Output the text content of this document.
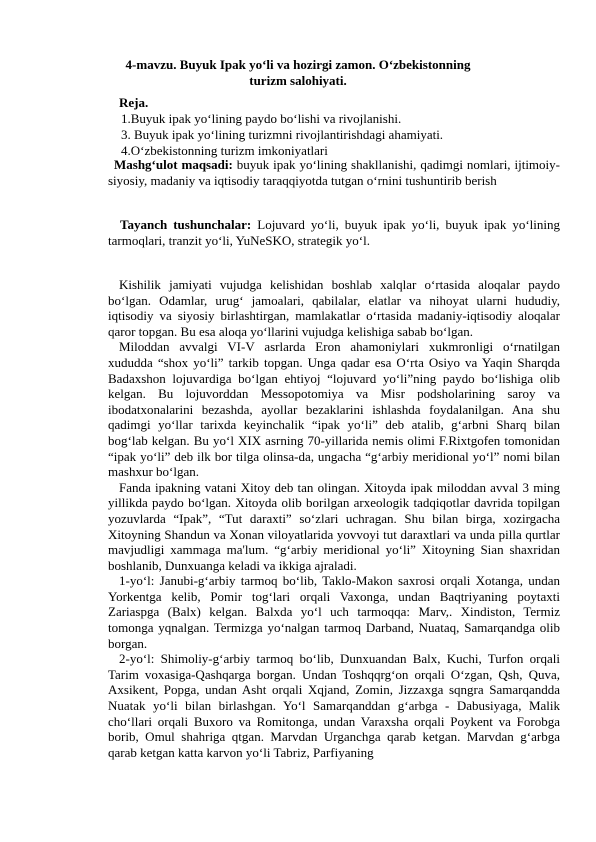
4-mavzu. Buyuk Ipak yo‘li va hozirgi zamon. O‘zbekistonning turizm salohiyati.
Reja.
1.Buyuk ipak yo‘lining paydo bo‘lishi va rivojlanishi.
3. Buyuk ipak yo‘lining turizmni rivojlantirishdagi ahamiyati.
4.O‘zbekistonning turizm imkoniyatlari
Mashg‘ulot maqsadi: buyuk ipak yo‘lining shakllanishi, qadimgi nomlari, ijtimoiy-siyosiy, madaniy va iqtisodiy taraqqiyotda tutgan o‘rnini tushuntirib berish
Tayanch tushunchalar: Lojuvard yo‘li, buyuk ipak yo‘li, buyuk ipak yo‘lining tarmoqlari, tranzit yo‘li, YuNeSKO, strategik yo‘l.

Kishilik jamiyati vujudga kelishidan boshlab xalqlar o‘rtasida aloqalar paydo bo‘lgan. Odamlar, urug‘ jamoalari, qabilalar, elatlar va nihoyat ularni hududiy, iqtisodiy va siyosiy birlashtirgan, mamlakatlar o‘rtasida madaniy-iqtisodiy aloqalar qaror topgan. Bu esa aloqa yo‘llarini vujudga kelishiga sabab bo‘lgan.

Miloddan avvalgi VI-V asrlarda Eron ahamoniylari xukmronligi o‘rnatilgan xududda “shox yo‘li” tarkib topgan. Unga qadar esa O‘rta Osiyo va Yaqin Sharqda Badaxshon lojuvardiga bo‘lgan ehtiyoj “lojuvard yo‘li”ning paydo bo‘lishiga olib kelgan. Bu lojuvorddan Messopotomiya va Misr podsholarining saroy va ibodatxonalarini bezashda, ayollar bezaklarini ishlashda foydalanilgan. Ana shu qadimgi yo‘llar tarixda keyinchalik “ipak yo‘li” deb atalib, g‘arbni Sharq bilan bog‘lab kelgan. Bu yo‘l XIX asrning 70-yillarida nemis olimi F.Rixtgofen tomonidan “ipak yo‘li” deb ilk bor tilga olinsa-da, ungacha “g‘arbiy meridional yo‘l” nomi bilan mashxur bo‘lgan.

Fanda ipakning vatani Xitoy deb tan olingan. Xitoyda ipak miloddan avval 3 ming yillikda paydo bo‘lgan. Xitoyda olib borilgan arxeologik tadqiqotlar davrida topilgan yozuvlarda “Ipak”, “Tut daraxti” so‘zlari uchragan. Shu bilan birga, xozirgacha Xitoyning Shandun va Xonan viloyatlarida yovvoyi tut daraxtlari va unda pilla qurtlar mavjudligi xammaga ma'lum. “g‘arbiy meridional yo‘li” Xitoyning Sian shaxridan boshlanib, Dunxuanga keladi va ikkiga ajraladi.

1-yo‘l: Janubi-g‘arbiy tarmoq bo‘lib, Taklo-Makon saxrosi orqali Xotanga, undan Yorkentga kelib, Pomir tog‘lari orqali Vaxonga, undan Baqtriyaning poytaxti Zariaspga (Balx) kelgan. Balxda yo‘l uch tarmoqqa: Marv,. Xindiston, Termiz tomonga yqnalgan. Termizga yo‘nalgan tarmoq Darband, Nuataq, Samarqandga olib borgan.

2-yo‘l: Shimoliy-g‘arbiy tarmoq bo‘lib, Dunxuandan Balx, Kuchi, Turfon orqali Tarim voxasiga-Qashqarga borgan. Undan Toshqqrg‘on orqali O‘zgan, Qsh, Quva, Axsikent, Popga, undan Asht orqali Xqjand, Zomin, Jizzaxga sqngra Samarqandda Nuatak yo‘li bilan birlashgan. Yo‘l Samarqanddan g‘arbga - Dabusiyaga, Malik cho‘llari orqali Buxoro va Romitonga, undan Varaxsha orqali Poykent va Forobga borib, Omul shahriga qtgan. Marvdan Urganchga qarab ketgan. Marvdan g‘arbga qarab ketgan katta karvon yo‘li Tabriz, Parfiyaning
